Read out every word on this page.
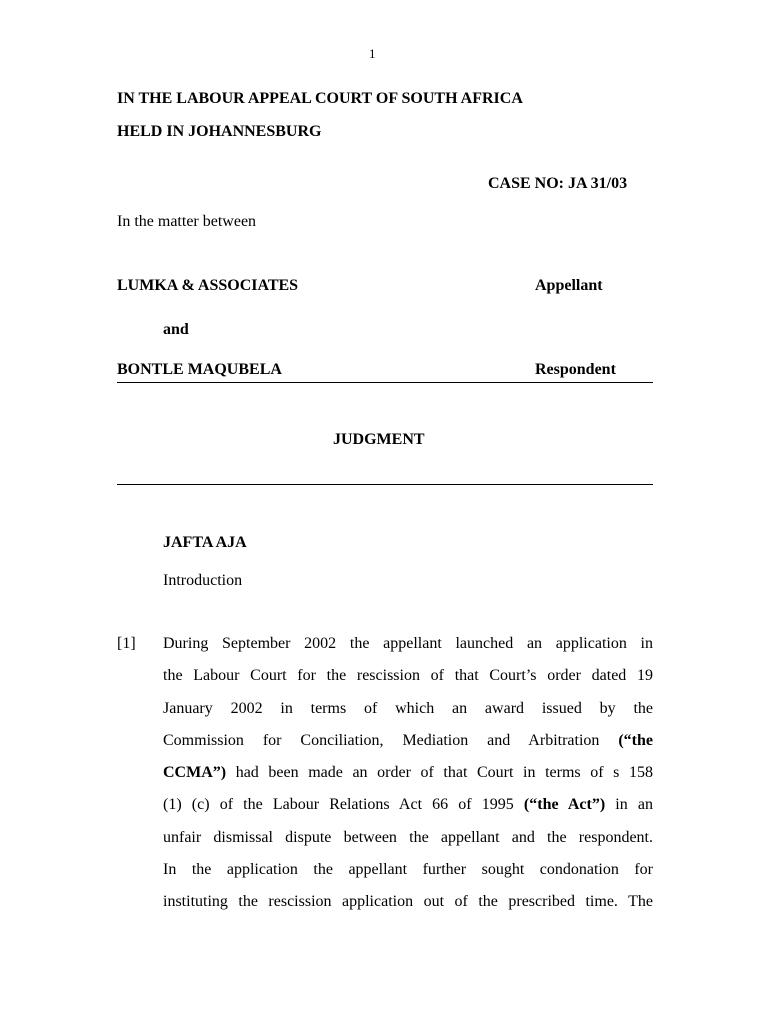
1
IN THE LABOUR APPEAL COURT OF SOUTH AFRICA
HELD IN JOHANNESBURG
CASE NO: JA 31/03
In the matter between
LUMKA & ASSOCIATES	Appellant
and
BONTLE MAQUBELA	Respondent
JUDGMENT
JAFTA AJA
Introduction
[1] During September 2002 the appellant launched an application in
the Labour Court for the rescission of that Court’s order dated 19
January 2002 in terms of which an award issued by the
Commission for Conciliation, Mediation and Arbitration (“the
CCMA”) had been made an order of that Court in terms of s 158
(1) (c) of the Labour Relations Act 66 of 1995 (“the Act”) in an
unfair dismissal dispute between the appellant and the respondent.
In the application the appellant further sought condonation for
instituting the rescission application out of the prescribed time. The
